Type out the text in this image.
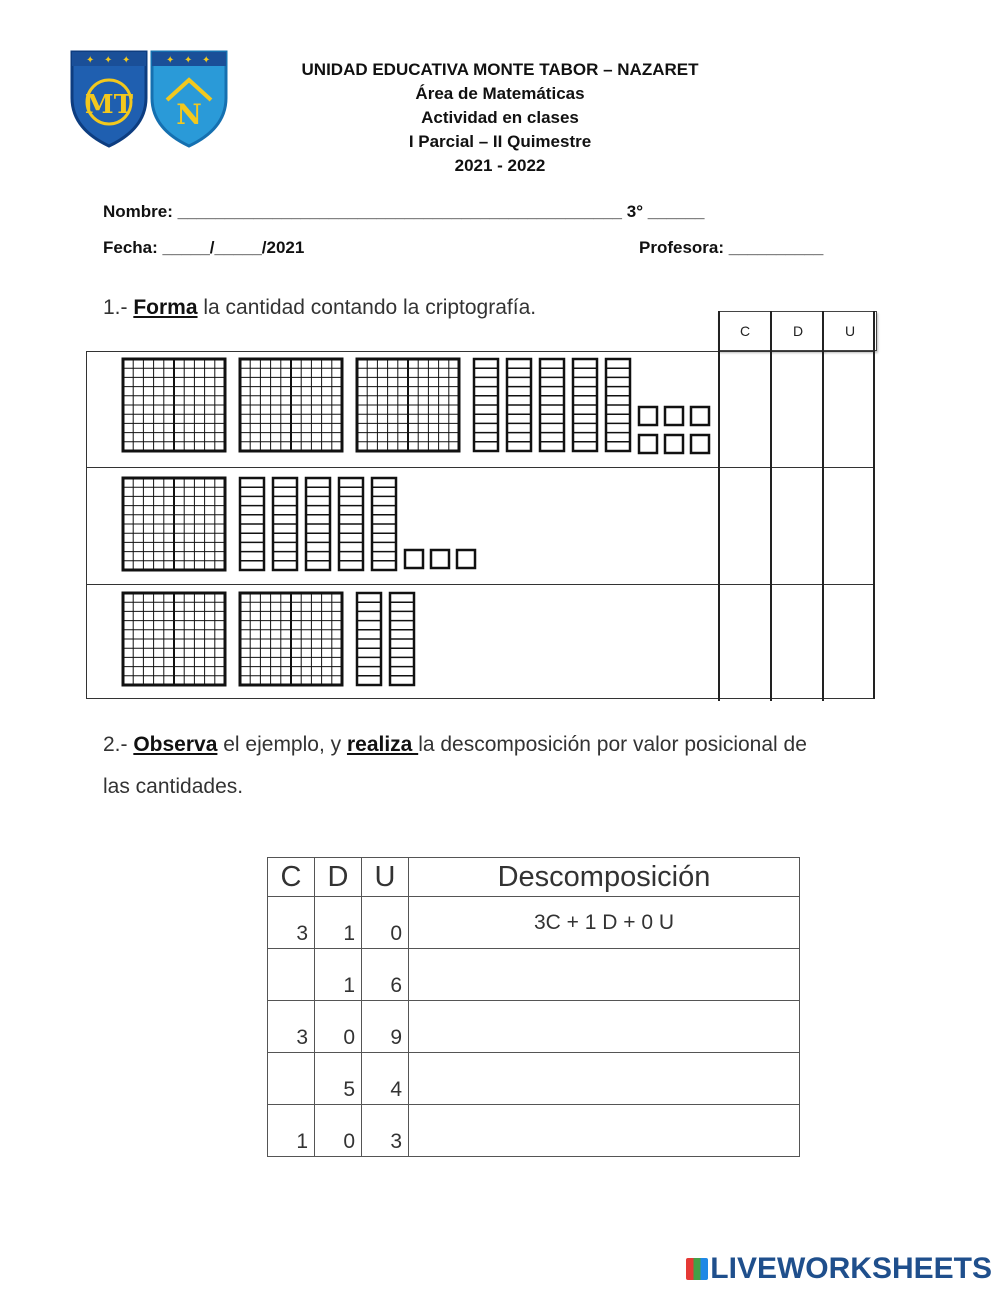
✦ ✦ ✦
MT
✦ ✦ ✦
N
UNIDAD EDUCATIVA MONTE TABOR – NAZARET
Área de Matemáticas
Actividad en clases
I Parcial – II Quimestre
2021 - 2022
Nombre: _______________________________________________ 3° ______
Fecha: _____/_____/2021	Profesora: __________
1.- Forma la cantidad contando la criptografía.
C	D	U
2.- Observa el ejemplo, y realiza la descomposición por valor posicional de
las cantidades.
C	D	U	Descomposición
3	1	0	3C + 1 D + 0 U
	1	6	
3	0	9	
	5	4	
1	0	3	
LIVEWORKSHEETS
